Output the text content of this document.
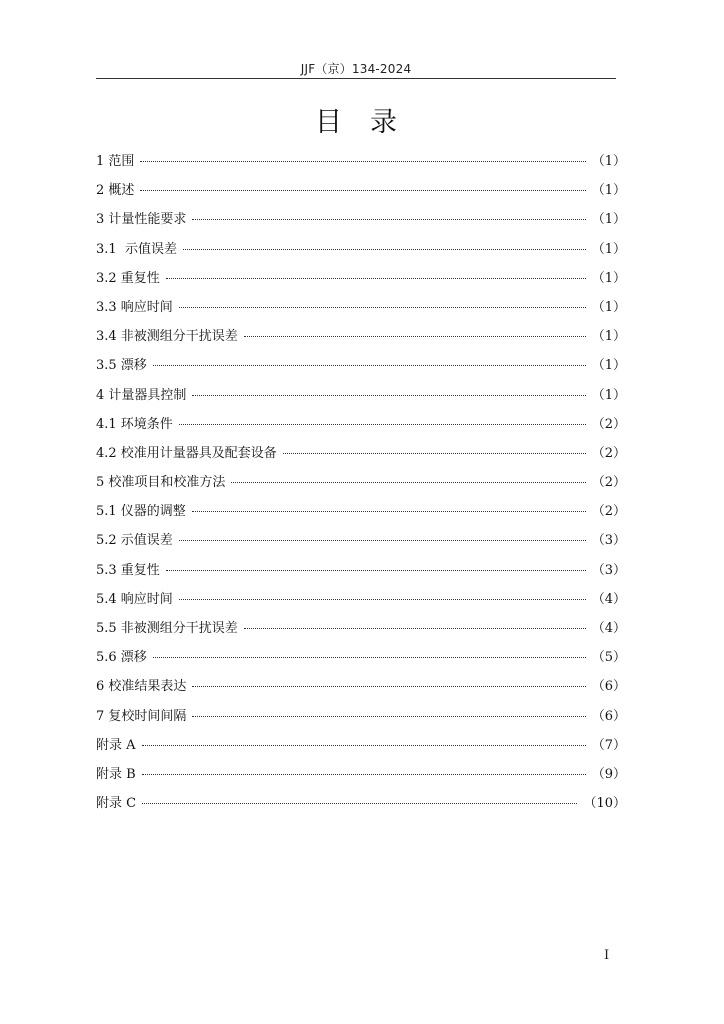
JJF（京）134-2024
目录
1 范围	（1）
2 概述	（1）
3 计量性能要求	（1）
3.1  示值误差	（1）
3.2 重复性	（1）
3.3 响应时间	（1）
3.4 非被测组分干扰误差	（1）
3.5 漂移	（1）
4 计量器具控制	（1）
4.1 环境条件	（2）
4.2 校准用计量器具及配套设备	（2）
5 校准项目和校准方法	（2）
5.1 仪器的调整	（2）
5.2 示值误差	（3）
5.3 重复性	（3）
5.4 响应时间	（4）
5.5 非被测组分干扰误差	（4）
5.6 漂移	（5）
6 校准结果表达	（6）
7 复校时间间隔	（6）
附录 A	（7）
附录 B	（9）
附录 C	（10）
I
